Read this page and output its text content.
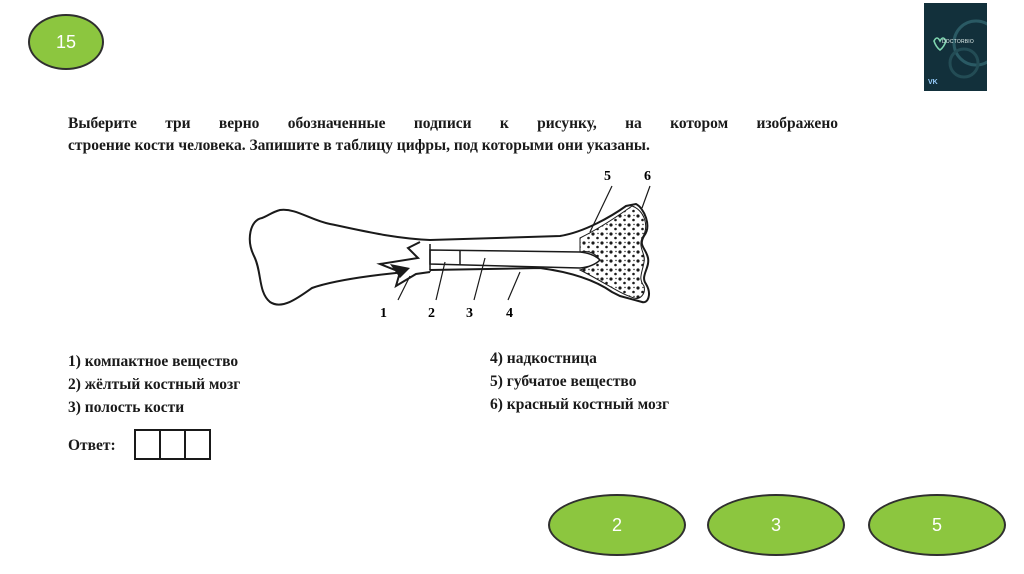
15	DOCTORBIO
VK
Выберите три верно обозначенные подписи к рисунку, на котором изображено
строение кости человека. Запишите в таблицу цифры, под которыми они указаны.
1	2 3 4
5 6
1) компактное вещество
2) жёлтый костный мозг
3) полость кости
4) надкостница
5) губчатое вещество
6) красный костный мозг
Ответ:
2	3	5
